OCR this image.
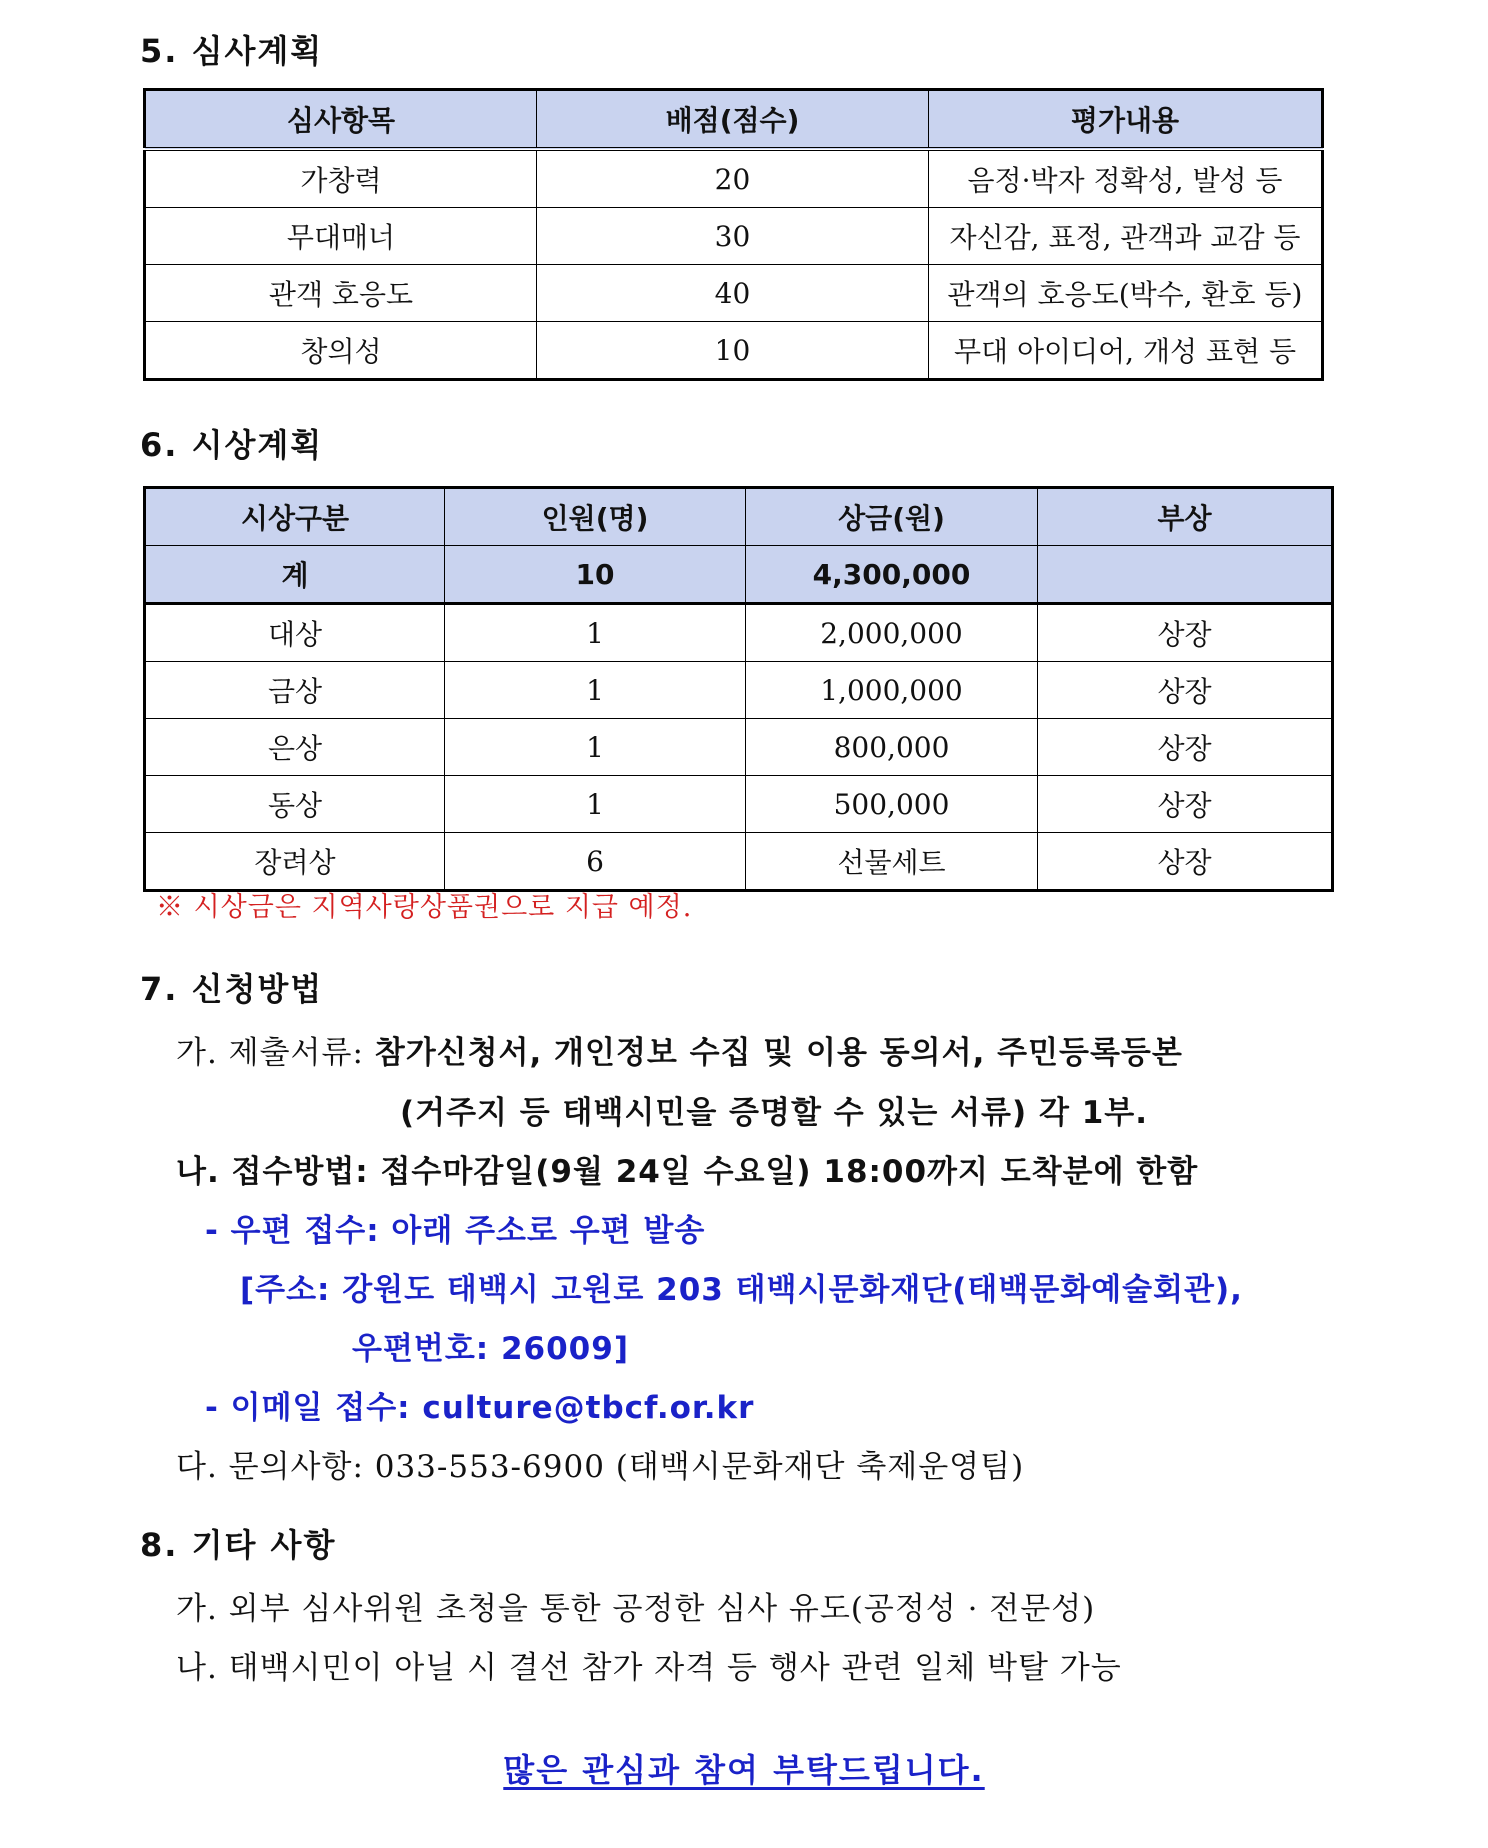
5. 심사계획
심사항목	배점(점수)	평가내용
가창력	20	음정·박자 정확성, 발성 등
무대매너	30	자신감, 표정, 관객과 교감 등
관객 호응도	40	관객의 호응도(박수, 환호 등)
창의성	10	무대 아이디어, 개성 표현 등
6. 시상계획
시상구분	인원(명)	상금(원)	부상
계	10	4,300,000	
대상	1	2,000,000	상장
금상	1	1,000,000	상장
은상	1	800,000	상장
동상	1	500,000	상장
장려상	6	선물세트	상장
※ 시상금은 지역사랑상품권으로 지급 예정.
7. 신청방법
가. 제출서류: 참가신청서, 개인정보 수집 및 이용 동의서, 주민등록등본
(거주지 등 태백시민을 증명할 수 있는 서류) 각 1부.
나. 접수방법: 접수마감일(9월 24일 수요일) 18:00까지 도착분에 한함
- 우편 접수: 아래 주소로 우편 발송
[주소: 강원도 태백시 고원로 203 태백시문화재단(태백문화예술회관),
우편번호: 26009]
- 이메일 접수: culture@tbcf.or.kr
다. 문의사항: 033-553-6900 (태백시문화재단 축제운영팀)
8. 기타 사항
가. 외부 심사위원 초청을 통한 공정한 심사 유도(공정성 · 전문성)
나. 태백시민이 아닐 시 결선 참가 자격 등 행사 관련 일체 박탈 가능
많은 관심과 참여 부탁드립니다.
